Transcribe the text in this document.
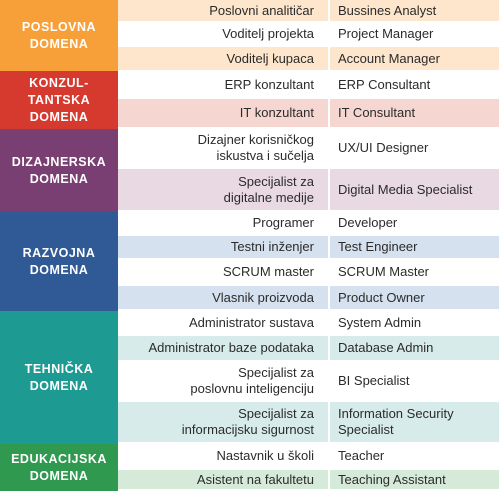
POSLOVNA
DOMENA
KONZUL-
TANTSKA
DOMENA
DIZAJNERSKA
DOMENA
RAZVOJNA
DOMENA
TEHNIČKA
DOMENA
EDUKACIJSKA
DOMENA
Poslovni analitičar Bussines Analyst
Voditelj projekta Project Manager
Voditelj kupaca Account Manager
ERP konzultant ERP Consultant
IT konzultant IT Consultant
Dizajner korisničkog
iskustva i sučelja
UX/UI Designer
Specijalist za
digitalne medije
Digital Media Specialist
Programer Developer
Testni inženjer Test Engineer
SCRUM master SCRUM Master
Vlasnik proizvoda Product Owner
Administrator sustava System Admin
Administrator baze podataka Database Admin
Specijalist za
poslovnu inteligenciju
BI Specialist
Specijalist za
informacijsku sigurnost
Information Security
Specialist
Nastavnik u školi Teacher
Asistent na fakultetu Teaching Assistant
